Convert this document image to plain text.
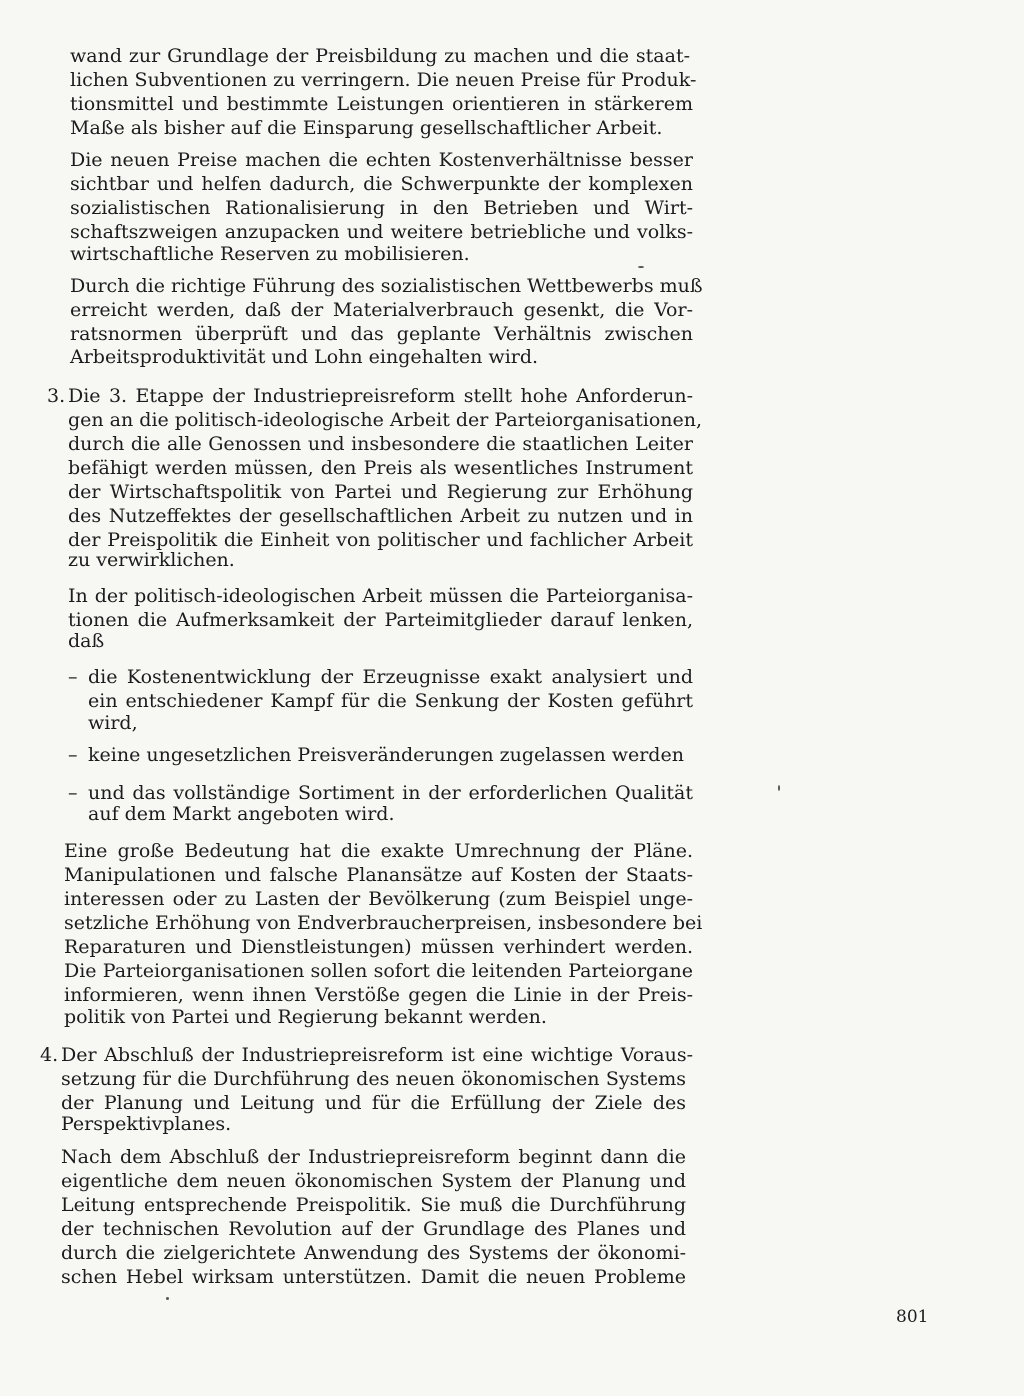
wand zur Grundlage der Preisbildung zu machen und die staat-
lichen Subventionen zu verringern. Die neuen Preise für Produk-
tionsmittel und bestimmte Leistungen orientieren in stärkerem
Maße als bisher auf die Einsparung gesellschaftlicher Arbeit.
Die neuen Preise machen die echten Kostenverhältnisse besser
sichtbar und helfen dadurch, die Schwerpunkte der komplexen
sozialistischen Rationalisierung in den Betrieben und Wirt-
schaftszweigen anzupacken und weitere betriebliche und volks-
wirtschaftliche Reserven zu mobilisieren.
Durch die richtige Führung des sozialistischen Wettbewerbs muß
erreicht werden, daß der Materialverbrauch gesenkt, die Vor-
ratsnormen überprüft und das geplante Verhältnis zwischen
Arbeitsproduktivität und Lohn eingehalten wird.
3. Die 3. Etappe der Industriepreisreform stellt hohe Anforderun-
gen an die politisch-ideologische Arbeit der Parteiorganisationen,
durch die alle Genossen und insbesondere die staatlichen Leiter
befähigt werden müssen, den Preis als wesentliches Instrument
der Wirtschaftspolitik von Partei und Regierung zur Erhöhung
des Nutzeffektes der gesellschaftlichen Arbeit zu nutzen und in
der Preispolitik die Einheit von politischer und fachlicher Arbeit
zu verwirklichen.
In der politisch-ideologischen Arbeit müssen die Parteiorganisa-
tionen die Aufmerksamkeit der Parteimitglieder darauf lenken,
daß
– die Kostenentwicklung der Erzeugnisse exakt analysiert und
ein entschiedener Kampf für die Senkung der Kosten geführt
wird,
– keine ungesetzlichen Preisveränderungen zugelassen werden
– und das vollständige Sortiment in der erforderlichen Qualität
auf dem Markt angeboten wird.
Eine große Bedeutung hat die exakte Umrechnung der Pläne.
Manipulationen und falsche Planansätze auf Kosten der Staats-
interessen oder zu Lasten der Bevölkerung (zum Beispiel unge-
setzliche Erhöhung von Endverbraucherpreisen, insbesondere bei
Reparaturen und Dienstleistungen) müssen verhindert werden.
Die Parteiorganisationen sollen sofort die leitenden Parteiorgane
informieren, wenn ihnen Verstöße gegen die Linie in der Preis-
politik von Partei und Regierung bekannt werden.
4. Der Abschluß der Industriepreisreform ist eine wichtige Voraus-
setzung für die Durchführung des neuen ökonomischen Systems
der Planung und Leitung und für die Erfüllung der Ziele des
Perspektivplanes.
Nach dem Abschluß der Industriepreisreform beginnt dann die
eigentliche dem neuen ökonomischen System der Planung und
Leitung entsprechende Preispolitik. Sie muß die Durchführung
der technischen Revolution auf der Grundlage des Planes und
durch die zielgerichtete Anwendung des Systems der ökonomi-
schen Hebel wirksam unterstützen. Damit die neuen Probleme
801
